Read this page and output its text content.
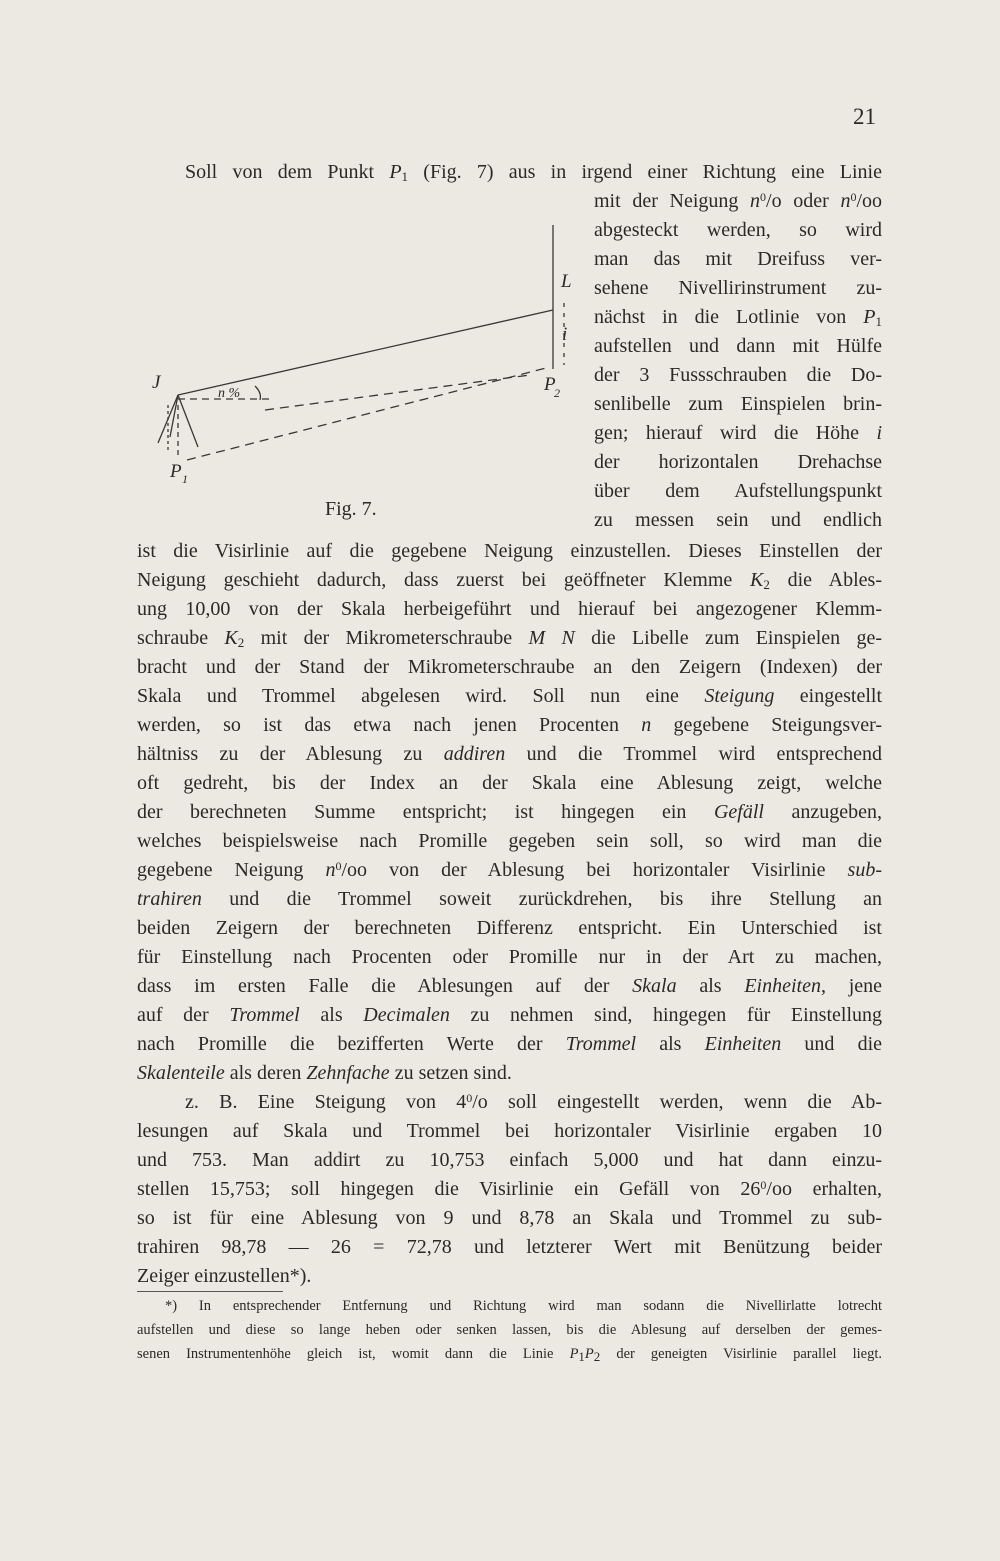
21
J
L
i
n %
P 1
P
2
Fig. 7.
Soll von dem Punkt $P_1$ (Fig. 7) aus in irgend einer Richtung eine Linie
mit der Neigung $n^0/o$ oder $n^0/oo$
abgesteckt werden, so wird
man das mit Dreifuss ver-
sehene Nivellirinstrument zu-
nächst in die Lotlinie von $P_1$
aufstellen und dann mit Hülfe
der 3 Fussschrauben die Do-
senlibelle zum Einspielen brin-
gen; hierauf wird die Höhe i
der horizontalen Drehachse
über dem Aufstellungspunkt
zu messen sein und endlich
ist die Visirlinie auf die gegebene Neigung einzustellen. Dieses Einstellen der
Neigung geschieht dadurch, dass zuerst bei geöffneter Klemme $K_2$ die Ables-
ung 10,00 von der Skala herbeigeführt und hierauf bei angezogener Klemm-
schraube $K_2$ mit der Mikrometerschraube M N die Libelle zum Einspielen ge-
bracht und der Stand der Mikrometerschraube an den Zeigern (Indexen) der
Skala und Trommel abgelesen wird. Soll nun eine Steigung eingestellt
werden, so ist das etwa nach jenen Procenten n gegebene Steigungsver-
hältniss zu der Ablesung zu addiren und die Trommel wird entsprechend
oft gedreht, bis der Index an der Skala eine Ablesung zeigt, welche
der berechneten Summe entspricht; ist hingegen ein Gefäll anzugeben,
welches beispielsweise nach Promille gegeben sein soll, so wird man die
gegebene Neigung $n^0/oo$ von der Ablesung bei horizontaler Visirlinie sub-
trahiren und die Trommel soweit zurückdrehen, bis ihre Stellung an
beiden Zeigern der berechneten Differenz entspricht. Ein Unterschied ist
für Einstellung nach Procenten oder Promille nur in der Art zu machen,
dass im ersten Falle die Ablesungen auf der Skala als Einheiten, jene
auf der Trommel als Decimalen zu nehmen sind, hingegen für Einstellung
nach Promille die bezifferten Werte der Trommel als Einheiten und die
Skalenteile als deren Zehnfache zu setzen sind.
z. B. Eine Steigung von $4^0/o$ soll eingestellt werden, wenn die Ab-
lesungen auf Skala und Trommel bei horizontaler Visirlinie ergaben 10
und 753. Man addirt zu 10,753 einfach 5,000 und hat dann einzu-
stellen 15,753; soll hingegen die Visirlinie ein Gefäll von $26^0/oo$ erhalten,
so ist für eine Ablesung von 9 und 8,78 an Skala und Trommel zu sub-
trahiren 98,78 — 26 = 72,78 und letzterer Wert mit Benützung beider
Zeiger einzustellen*).
*) In entsprechender Entfernung und Richtung wird man sodann die Nivellirlatte lotrecht
aufstellen und diese so lange heben oder senken lassen, bis die Ablesung auf derselben der gemes-
senen Instrumentenhöhe gleich ist, womit dann die Linie $P_1P_2$ der geneigten Visirlinie parallel liegt.
